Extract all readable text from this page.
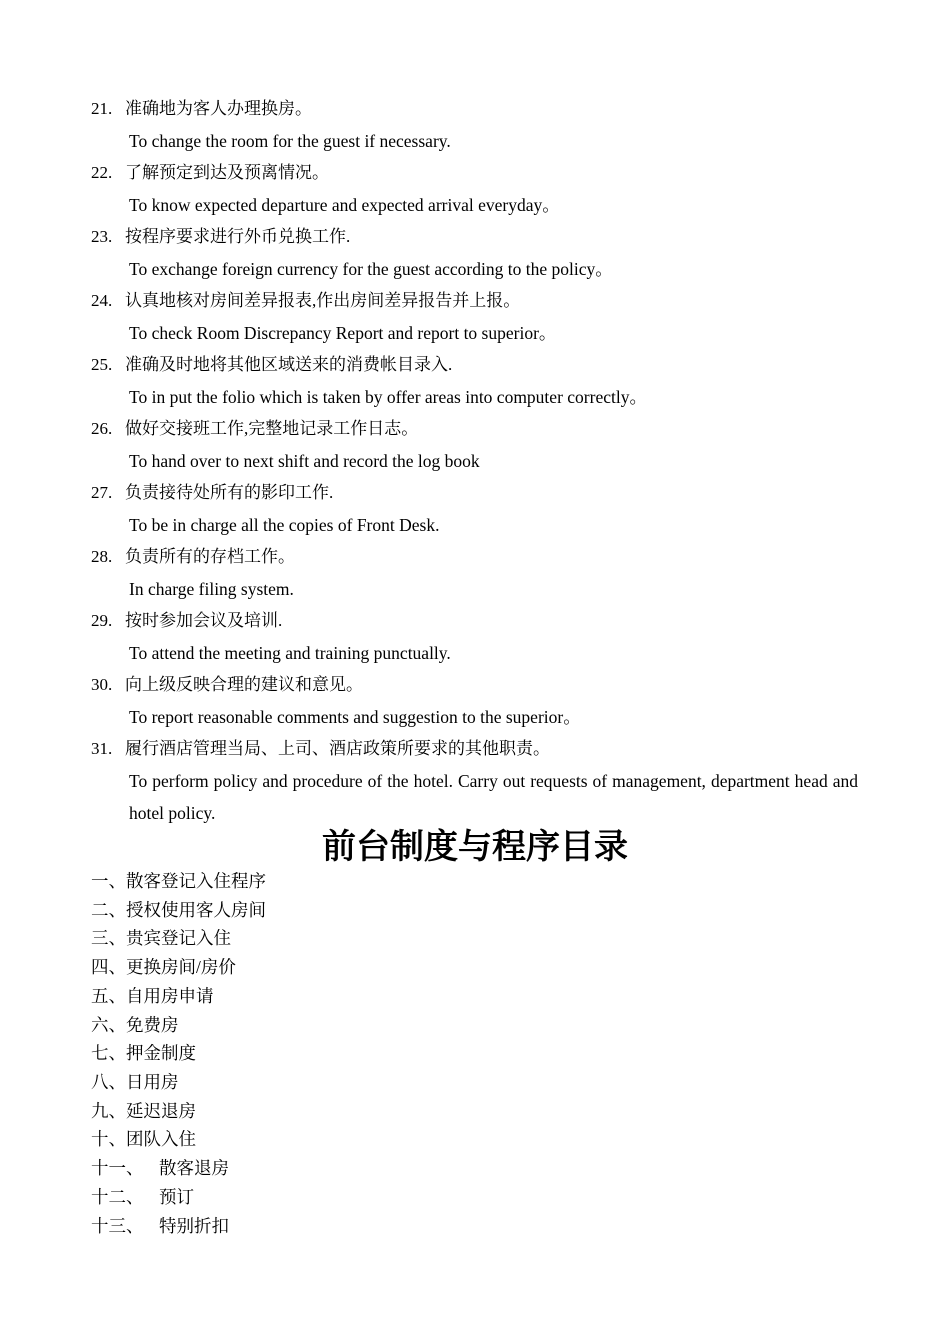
21. 准确地为客人办理换房。
To change the room for the guest if necessary.
22. 了解预定到达及预离情况。
To know expected departure and expected arrival everyday。
23. 按程序要求进行外币兑换工作.
To exchange foreign currency for the guest according to the policy。
24. 认真地核对房间差异报表,作出房间差异报告并上报。
To check Room Discrepancy Report and report to superior。
25. 准确及时地将其他区域送来的消费帐目录入.
To in put the folio which is taken by offer areas into computer correctly。
26. 做好交接班工作,完整地记录工作日志。
To hand over to next shift and record the log book
27. 负责接待处所有的影印工作.
To be in charge all the copies of Front Desk.
28. 负责所有的存档工作。
In charge filing system.
29. 按时参加会议及培训.
To attend the meeting and training punctually.
30. 向上级反映合理的建议和意见。
To report reasonable comments and suggestion to the superior。
31. 履行酒店管理当局、上司、酒店政策所要求的其他职责。
To perform policy and procedure of the hotel. Carry out requests of management, department head and hotel policy.
前台制度与程序目录
一、散客登记入住程序
二、授权使用客人房间
三、贵宾登记入住
四、更换房间/房价
五、自用房申请
六、免费房
七、押金制度
八、日用房
九、延迟退房
十、团队入住
十一、 散客退房
十二、 预订
十三、 特别折扣
